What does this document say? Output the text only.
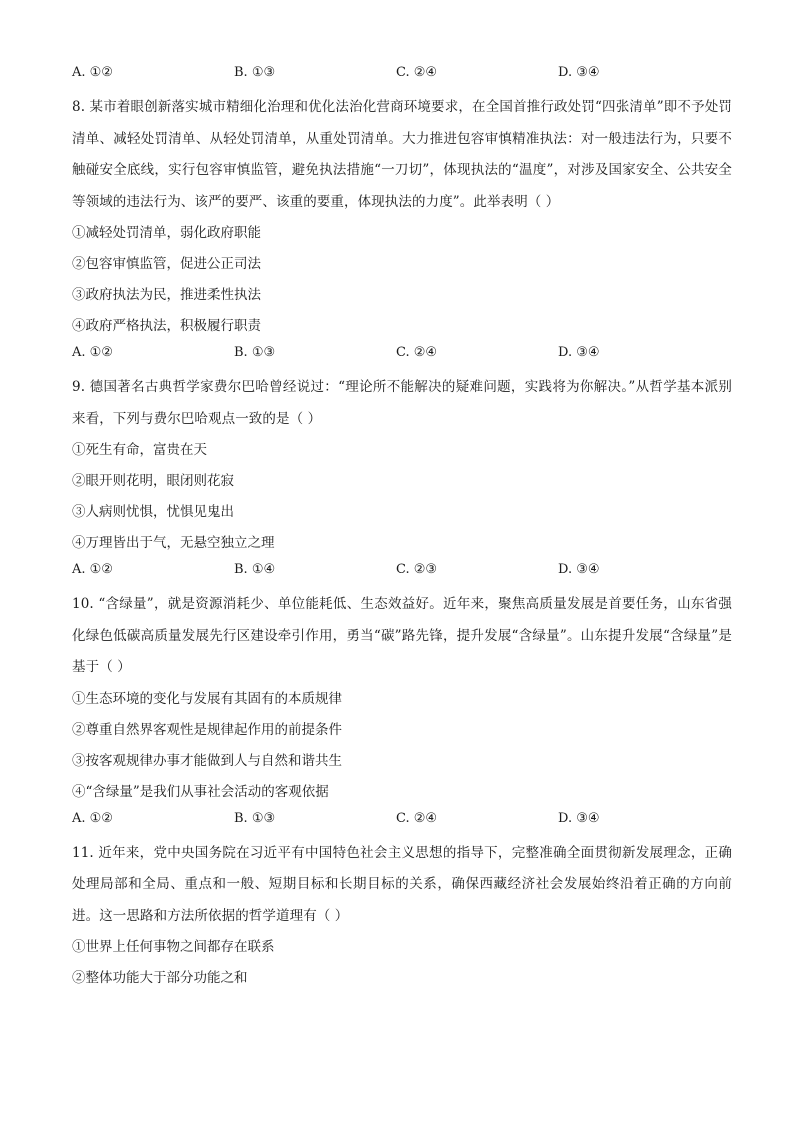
A. ①②	B. ①③	C. ②④	D. ③④

8. 某市着眼创新落实城市精细化治理和优化法治化营商环境要求，在全国首推行政处罚“四张清单”即不予处罚清单、减轻处罚清单、从轻处罚清单，从重处罚清单。大力推进包容审慎精准执法：对一般违法行为，只要不触碰安全底线，实行包容审慎监管，避免执法措施“一刀切”，体现执法的“温度”，对涉及国家安全、公共安全等领域的违法行为、该严的要严、该重的要重，体现执法的力度”。此举表明（ ）

①减轻处罚清单，弱化政府职能

②包容审慎监管，促进公正司法

③政府执法为民，推进柔性执法

④政府严格执法，积极履行职责

A. ①②	B. ①③	C. ②④	D. ③④

9. 德国著名古典哲学家费尔巴哈曾经说过：“理论所不能解决的疑难问题，实践将为你解决。”从哲学基本派别来看，下列与费尔巴哈观点一致的是（ ）

①死生有命，富贵在天

②眼开则花明，眼闭则花寂

③人病则忧惧，忧惧见鬼出

④万理皆出于气，无悬空独立之理

A. ①②	B. ①④	C. ②③	D. ③④

10. “含绿量”，就是资源消耗少、单位能耗低、生态效益好。近年来，聚焦高质量发展是首要任务，山东省强化绿色低碳高质量发展先行区建设牵引作用，勇当“碳”路先锋，提升发展“含绿量”。山东提升发展“含绿量”是基于（ ）

①生态环境的变化与发展有其固有的本质规律

②尊重自然界客观性是规律起作用的前提条件

③按客观规律办事才能做到人与自然和谐共生

④“含绿量”是我们从事社会活动的客观依据

A. ①②	B. ①③	C. ②④	D. ③④

11. 近年来，党中央国务院在习近平有中国特色社会主义思想的指导下，完整准确全面贯彻新发展理念，正确处理局部和全局、重点和一般、短期目标和长期目标的关系，确保西藏经济社会发展始终沿着正确的方向前进。这一思路和方法所依据的哲学道理有（ ）

①世界上任何事物之间都存在联系

②整体功能大于部分功能之和
